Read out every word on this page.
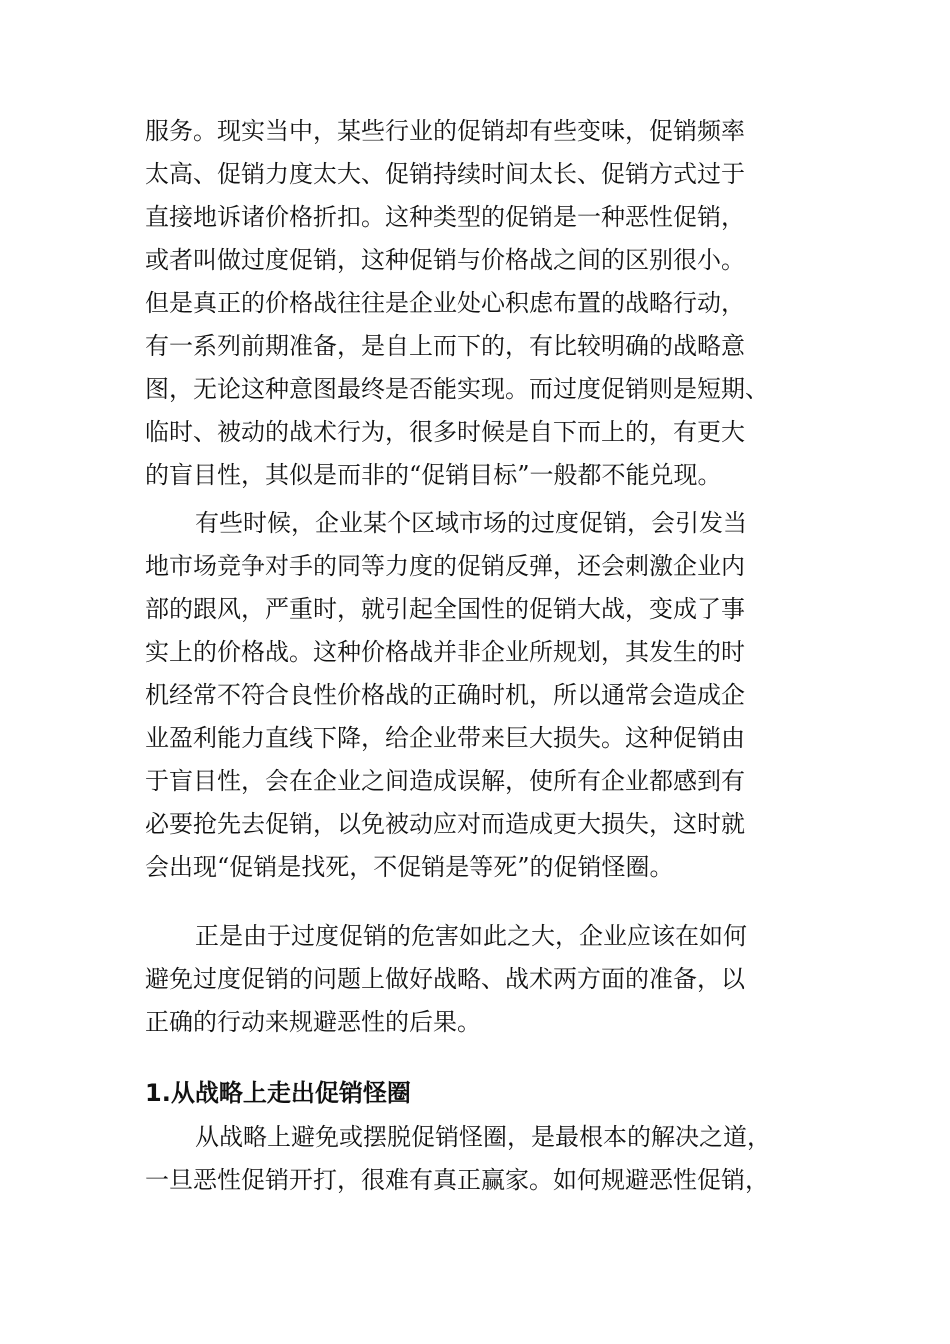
服务。现实当中，某些行业的促销却有些变味，促销频率
太高、促销力度太大、促销持续时间太长、促销方式过于
直接地诉诸价格折扣。这种类型的促销是一种恶性促销，
或者叫做过度促销，这种促销与价格战之间的区别很小。
但是真正的价格战往往是企业处心积虑布置的战略行动，
有一系列前期准备，是自上而下的，有比较明确的战略意
图，无论这种意图最终是否能实现。而过度促销则是短期、
临时、被动的战术行为，很多时候是自下而上的，有更大
的盲目性，其似是而非的“促销目标”一般都不能兑现。
有些时候，企业某个区域市场的过度促销，会引发当
地市场竞争对手的同等力度的促销反弹，还会刺激企业内
部的跟风，严重时，就引起全国性的促销大战，变成了事
实上的价格战。这种价格战并非企业所规划，其发生的时
机经常不符合良性价格战的正确时机，所以通常会造成企
业盈利能力直线下降，给企业带来巨大损失。这种促销由
于盲目性，会在企业之间造成误解，使所有企业都感到有
必要抢先去促销，以免被动应对而造成更大损失，这时就
会出现“促销是找死，不促销是等死”的促销怪圈。
正是由于过度促销的危害如此之大，企业应该在如何
避免过度促销的问题上做好战略、战术两方面的准备，以
正确的行动来规避恶性的后果。
1.从战略上走出促销怪圈
从战略上避免或摆脱促销怪圈，是最根本的解决之道，
一旦恶性促销开打，很难有真正赢家。如何规避恶性促销，
